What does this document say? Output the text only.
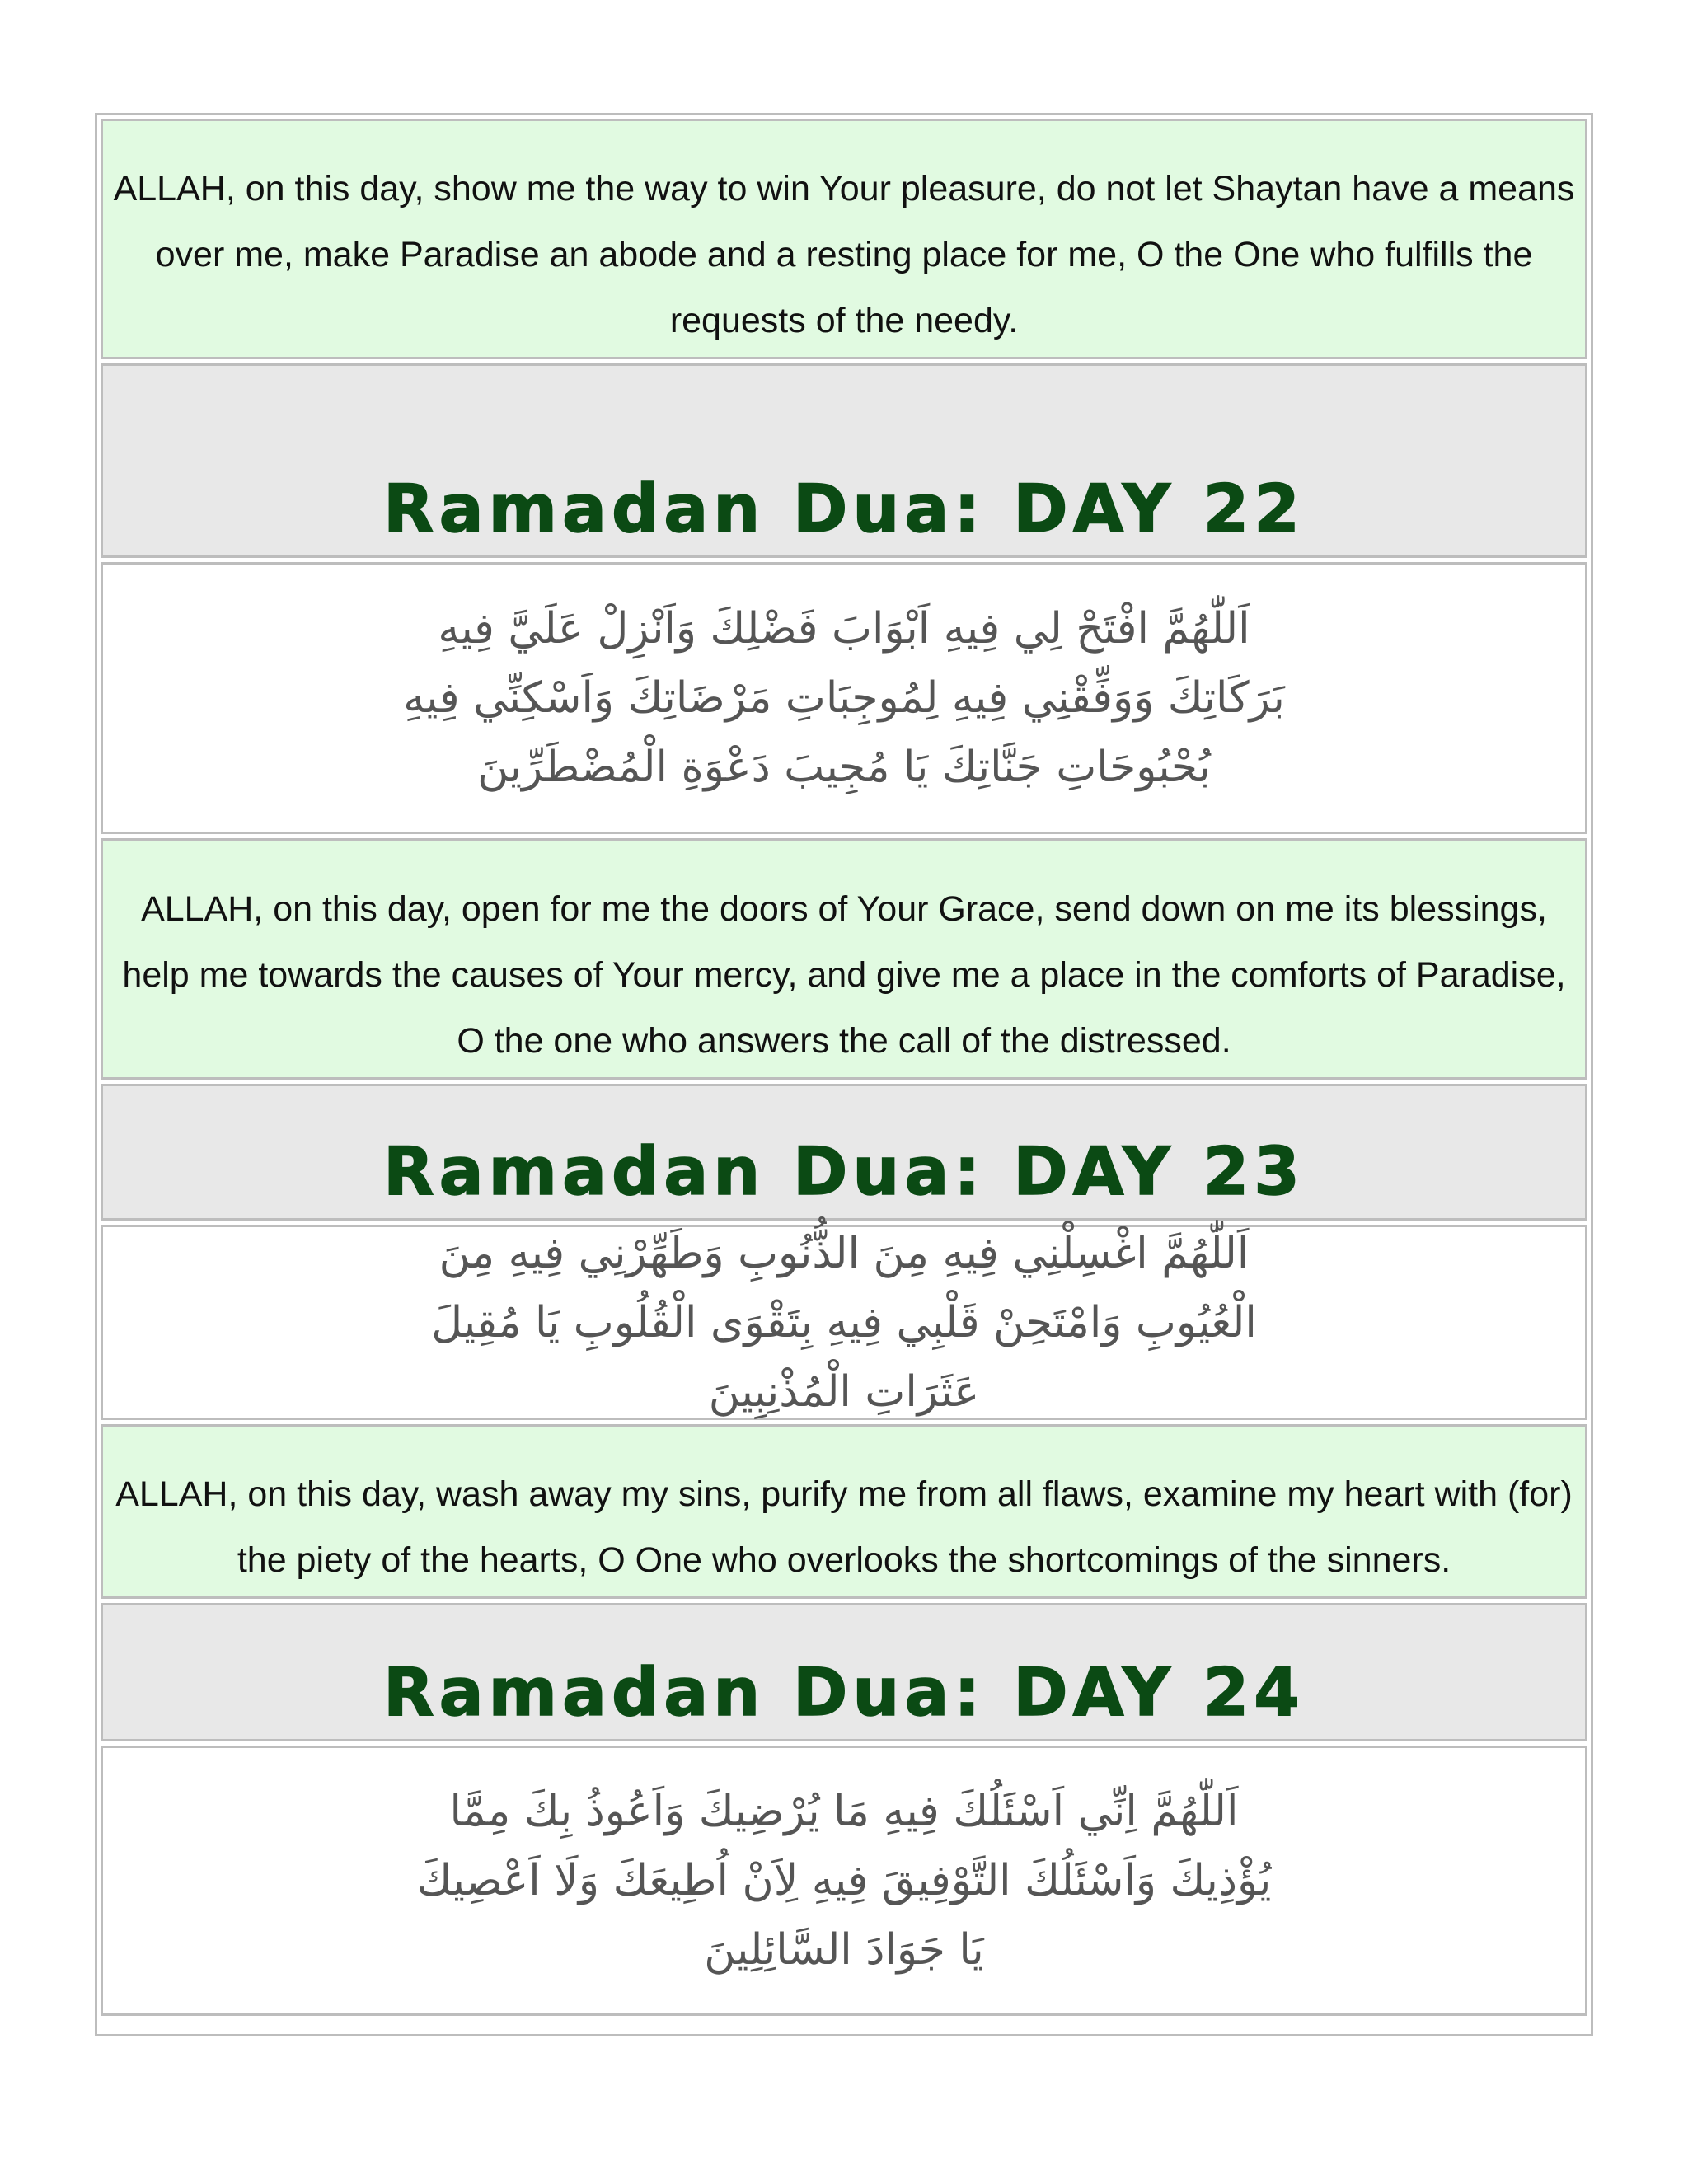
ALLAH, on this day, show me the way to win Your pleasure, do not let Shaytan have a means over me, make Paradise an abode and a resting place for me, O the One who fulfills the requests of the needy.

Ramadan Dua: DAY 22

اَللّٰهُمَّ افْتَحْ لِي فِيهِ اَبْوَابَ فَضْلِكَ وَاَنْزِلْ عَلَيَّ فِيهِ بَرَكَاتِكَ وَوَفِّقْنِي فِيهِ لِمُوجِبَاتِ مَرْضَاتِكَ وَاَسْكِنِّي فِيهِ بُحْبُوحَاتِ جَنَّاتِكَ يَا مُجِيبَ دَعْوَةِ الْمُضْطَرِّينَ

ALLAH, on this day, open for me the doors of Your Grace, send down on me its blessings, help me towards the causes of Your mercy, and give me a place in the comforts of Paradise, O the one who answers the call of the distressed.

Ramadan Dua: DAY 23

اَللّٰهُمَّ اغْسِلْنِي فِيهِ مِنَ الذُّنُوبِ وَطَهِّرْنِي فِيهِ مِنَ الْعُيُوبِ وَامْتَحِنْ قَلْبِي فِيهِ بِتَقْوَى الْقُلُوبِ يَا مُقِيلَ عَثَرَاتِ الْمُذْنِبِينَ

ALLAH, on this day, wash away my sins, purify me from all flaws, examine my heart with (for) the piety of the hearts, O One who overlooks the shortcomings of the sinners.

Ramadan Dua: DAY 24

اَللّٰهُمَّ اِنِّي اَسْئَلُكَ فِيهِ مَا يُرْضِيكَ وَاَعُوذُ بِكَ مِمَّا يُؤْذِيكَ وَاَسْئَلُكَ التَّوْفِيقَ فِيهِ لِاَنْ اُطِيعَكَ وَلَا اَعْصِيكَ يَا جَوَادَ السَّائِلِينَ
